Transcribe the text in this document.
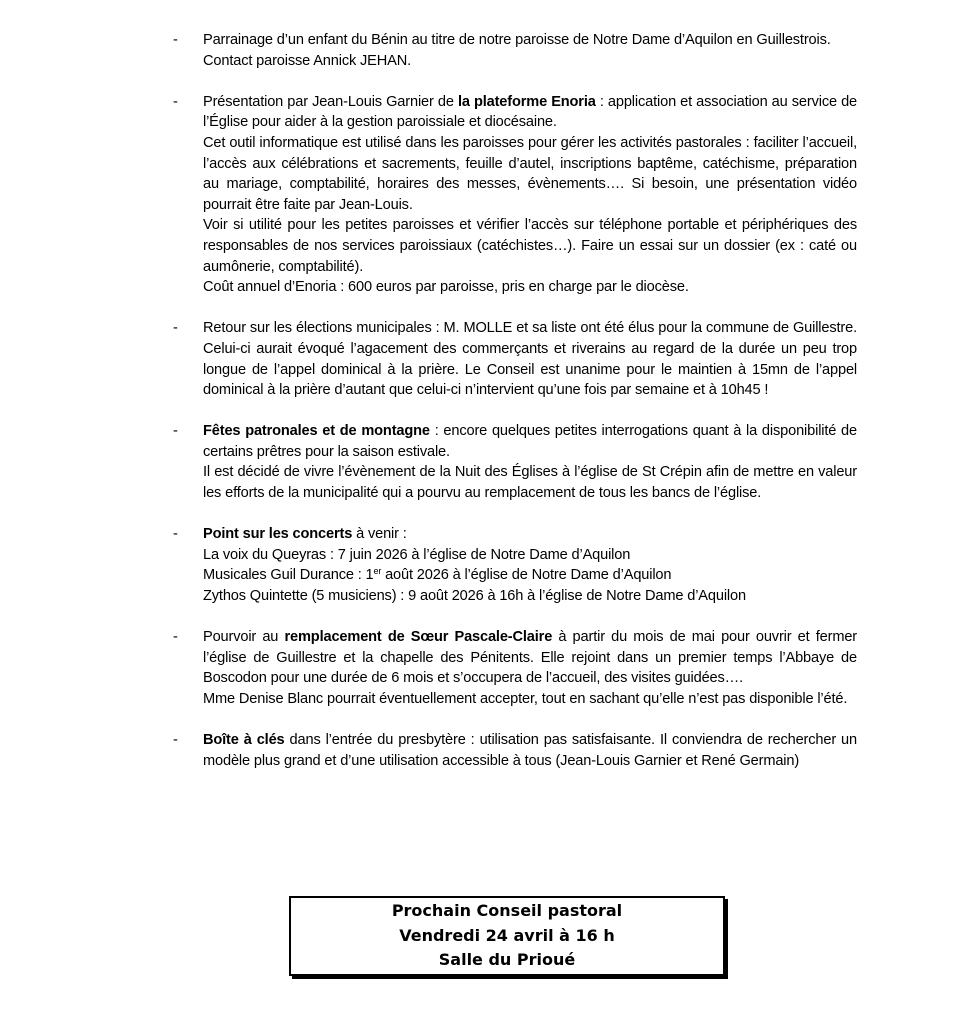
- Parrainage d’un enfant du Bénin au titre de notre paroisse de Notre Dame d’Aquilon en Guillestrois. Contact paroisse Annick JEHAN.
- Présentation par Jean-Louis Garnier de la plateforme Enoria : application et association au service de l’Église pour aider à la gestion paroissiale et diocésaine.
Cet outil informatique est utilisé dans les paroisses pour gérer les activités pastorales : faciliter l’accueil, l’accès aux célébrations et sacrements, feuille d’autel, inscriptions baptême, catéchisme, préparation au mariage, comptabilité, horaires des messes, évènements…. Si besoin, une présentation vidéo pourrait être faite par Jean-Louis.
Voir si utilité pour les petites paroisses et vérifier l’accès sur téléphone portable et périphériques des responsables de nos services paroissiaux (catéchistes…). Faire un essai sur un dossier (ex : caté ou aumônerie, comptabilité).
Coût annuel d’Enoria : 600 euros par paroisse, pris en charge par le diocèse.
- Retour sur les élections municipales : M. MOLLE et sa liste ont été élus pour la commune de Guillestre. Celui-ci aurait évoqué l’agacement des commerçants et riverains au regard de la durée un peu trop longue de l’appel dominical à la prière. Le Conseil est unanime pour le maintien à 15mn de l’appel dominical à la prière d’autant que celui-ci n’intervient qu’une fois par semaine et à 10h45 !
- Fêtes patronales et de montagne : encore quelques petites interrogations quant à la disponibilité de certains prêtres pour la saison estivale.
Il est décidé de vivre l’évènement de la Nuit des Églises à l’église de St Crépin afin de mettre en valeur les efforts de la municipalité qui a pourvu au remplacement de tous les bancs de l’église.
- Point sur les concerts à venir :
La voix du Queyras : 7 juin 2026 à l’église de Notre Dame d’Aquilon
Musicales Guil Durance : 1er août 2026 à l’église de Notre Dame d’Aquilon
Zythos Quintette (5 musiciens) : 9 août 2026 à 16h à l’église de Notre Dame d’Aquilon
- Pourvoir au remplacement de Sœur Pascale-Claire à partir du mois de mai pour ouvrir et fermer l’église de Guillestre et la chapelle des Pénitents. Elle rejoint dans un premier temps l’Abbaye de Boscodon pour une durée de 6 mois et s’occupera de l’accueil, des visites guidées….
Mme Denise Blanc pourrait éventuellement accepter, tout en sachant qu’elle n’est pas disponible l’été.
- Boîte à clés dans l’entrée du presbytère : utilisation pas satisfaisante. Il conviendra de rechercher un modèle plus grand et d’une utilisation accessible à tous (Jean-Louis Garnier et René Germain)
Prochain Conseil pastoral
Vendredi 24 avril à 16 h
Salle du Prioué
